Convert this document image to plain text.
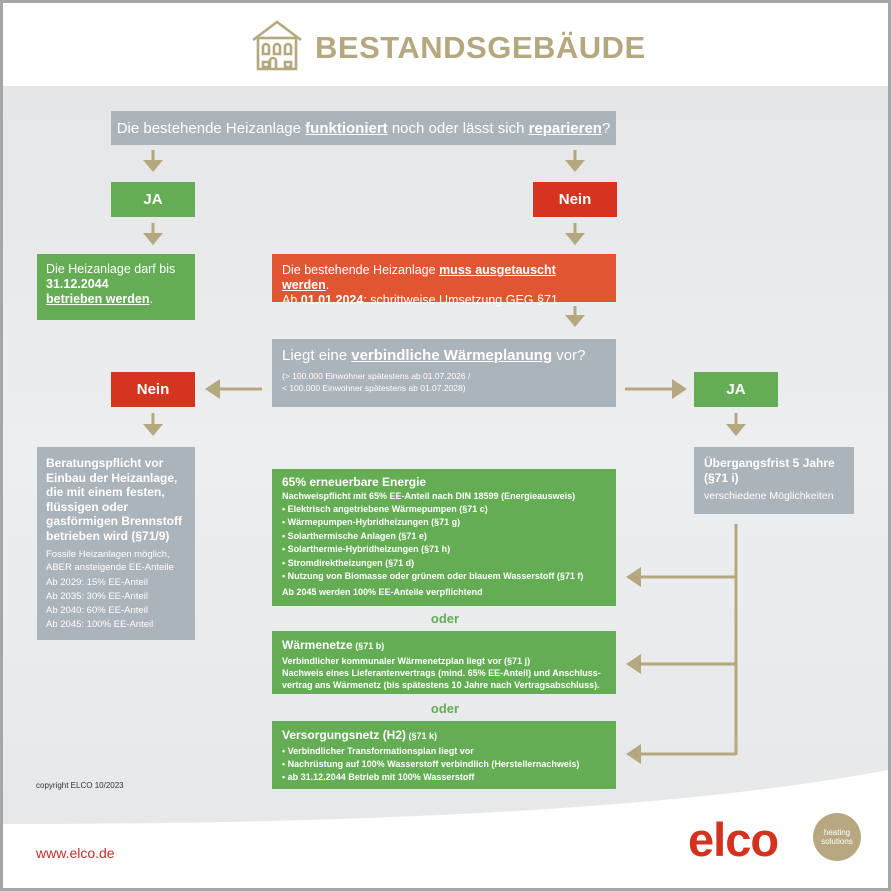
BESTANDSGEBÄUDE
Die bestehende Heizanlage
funktioniert noch oder lässt sich reparieren ?
JA	Nein
Die Heizanlage darf bis 31.12.2044
betrieben werden.
Die bestehende Heizanlage muss ausgetauscht werden.
Ab 01.01.2024: schrittweise Umsetzung GEG §71
Liegt eine verbindliche Wärmeplanung vor?
(> 100.000 Einwohner spätestens ab 01.07.2026 /
< 100.000 Einwohner spätestens ab 01.07.2028)
Nein	JA
Beratungspflicht vor Einbau der Heizanlage, die mit einem festen, flüssigen oder gasförmigen Brennstoff betrieben wird (§71/9)
Fossile Heizanlagen möglich, ABER ansteigende EE-Anteile
Ab 2029: 15% EE-Anteil
Ab 2035: 30% EE-Anteil
Ab 2040: 60% EE-Anteil
Ab 2045: 100% EE-Anteil
Übergangsfrist 5 Jahre (§71 i)
verschiedene Möglichkeiten
65% erneuerbare Energie
Nachweispflicht mit 65% EE-Anteil nach DIN 18599 (Energieausweis)
• Elektrisch angetriebene Wärmepumpen (§71 c)
• Wärmepumpen-Hybridheizungen (§71 g)
• Solarthermische Anlagen (§71 e)
• Solarthermie-Hybridheizungen (§71 h)
• Stromdirektheizungen (§71 d)
• Nutzung von Biomasse oder grünem oder blauem Wasserstoff (§71 f)
Ab 2045 werden 100% EE-Anteile verpflichtend
oder
Wärmenetze (§71 b)
Verbindlicher kommunaler Wärmenetzplan liegt vor (§71 j)
Nachweis eines Lieferantenvertrags (mind. 65% EE-Anteil) und Anschluss-
vertrag ans Wärmenetz (bis spätestens 10 Jahre nach Vertragsabschluss).
oder
Versorgungsnetz (H2) (§71 k)
• Verbindlicher Transformationsplan liegt vor
• Nachrüstung auf 100% Wasserstoff verbindlich (Herstellernachweis)
• ab 31.12.2044 Betrieb mit 100% Wasserstoff
copyright ELCO 10/2023
www.elco.de	elco	heating
solutions
